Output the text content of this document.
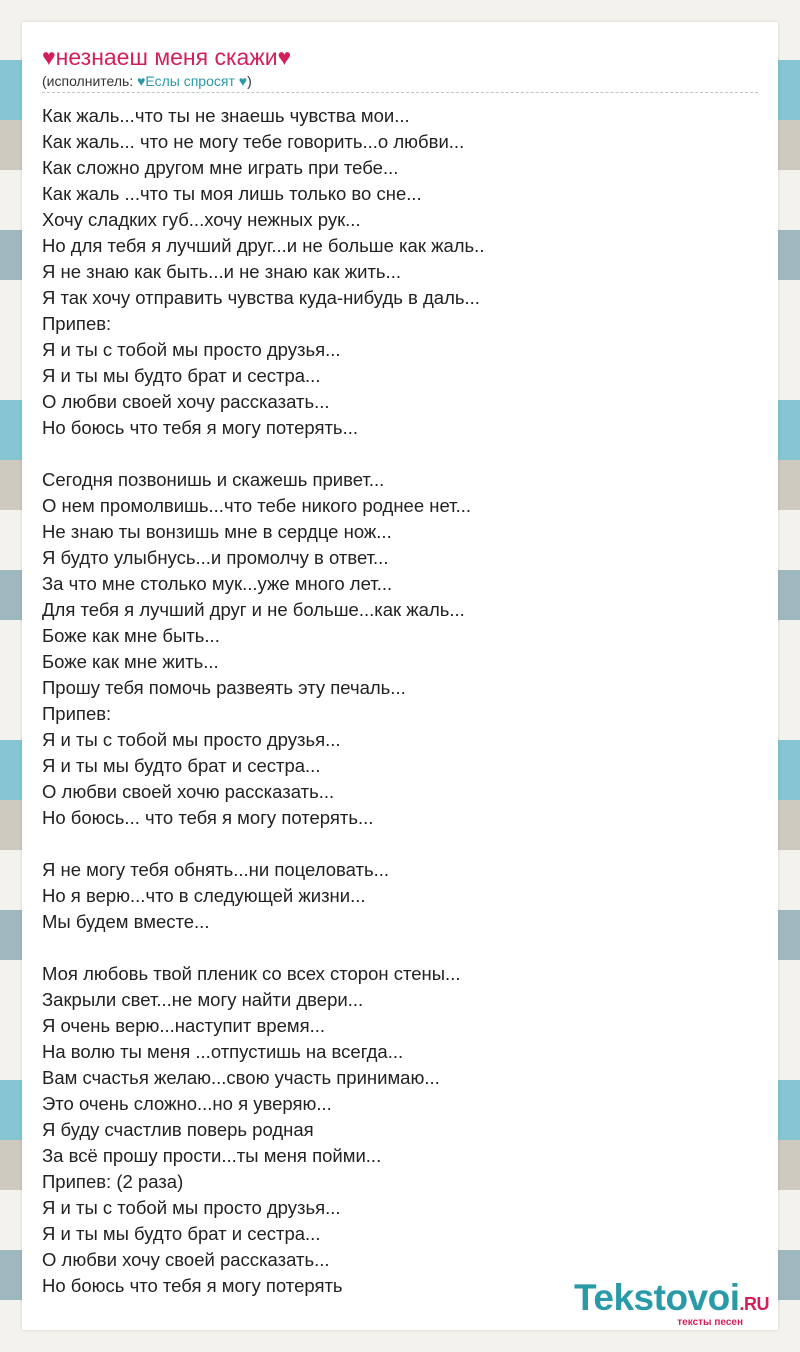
♥незнаеш меня скажи♥
(исполнитель: ♥Еслы спросят ♥)
Как жаль...что ты не знаешь чувства мои...
Как жаль... что не могу тебе говорить...о любви...
Как сложно другом мне играть при тебе...
Как жаль ...что ты моя лишь только во сне...
Хочу сладких губ...хочу нежных рук...
Но для тебя я лучший друг...и не больше как жаль..
Я не знаю как быть...и не знаю как жить...
Я так хочу отправить чувства куда-нибудь в даль...
Припев:
Я и ты с тобой мы просто друзья...
Я и ты мы будто брат и сестра...
О любви своей хочу рассказать...
Но боюсь что тебя я могу потерять...
Сегодня позвонишь и скажешь привет...
О нем промолвишь...что тебе никого роднее нет...
Не знаю ты вонзишь мне в сердце нож...
Я будто улыбнусь...и промолчу в ответ...
За что мне столько мук...уже много лет...
Для тебя я лучший друг и не больше...как жаль...
Боже как мне быть...
Боже как мне жить...
Прошу тебя помочь развеять эту печаль...
Припев:
Я и ты с тобой мы просто друзья...
Я и ты мы будто брат и сестра...
О любви своей хочю рассказать...
Но боюсь... что тебя я могу потерять...
Я не могу тебя обнять...ни поцеловать...
Но я верю...что в следующей жизни...
Мы будем вместе...
Моя любовь твой пленик со всех сторон стены...
Закрыли свет...не могу найти двери...
Я очень верю...наступит время...
На волю ты меня ...отпустишь на всегда...
Вам счастья желаю...свою участь принимаю...
Это очень сложно...но я уверяю...
Я буду счастлив поверь родная
За всё прошу прости...ты меня пойми...
Припев: (2 раза)
Я и ты с тобой мы просто друзья...
Я и ты мы будто брат и сестра...
О любви хочу своей рассказать...
Но боюсь что тебя я могу потерять	Tekstovoi.RU
тексты песен
